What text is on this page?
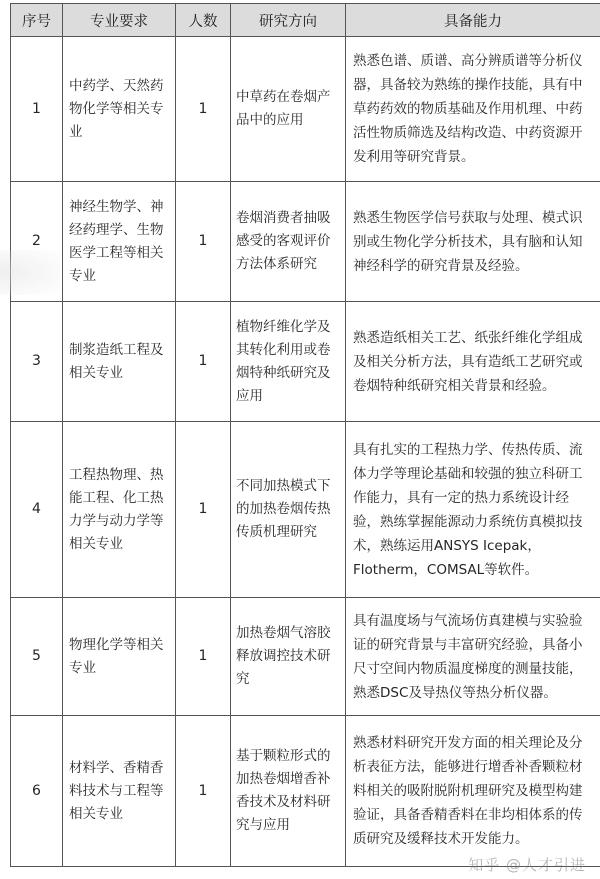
序号	专业要求	人数	研究方向	具备能力
1	中药学、天然药物化学等相关专业	1	中草药在卷烟产品中的应用	熟悉色谱、质谱、高分辨质谱等分析仪器，具备较为熟练的操作技能，具有中草药药效的物质基础及作用机理、中药活性物质筛选及结构改造、中药资源开发利用等研究背景。
2	神经生物学、神经药理学、生物医学工程等相关专业	1	卷烟消费者抽吸感受的客观评价方法体系研究	熟悉生物医学信号获取与处理、模式识别或生物化学分析技术，具有脑和认知神经科学的研究背景及经验。
3	制浆造纸工程及相关专业	1	植物纤维化学及其转化利用或卷烟特种纸研究及应用	熟悉造纸相关工艺、纸张纤维化学组成及相关分析方法，具有造纸工艺研究或卷烟特种纸研究相关背景和经验。
4	工程热物理、热能工程、化工热力学与动力学等相关专业	1	不同加热模式下的加热卷烟传热传质机理研究	具有扎实的工程热力学、传热传质、流体力学等理论基础和较强的独立科研工作能力，具有一定的热力系统设计经验，熟练掌握能源动力系统仿真模拟技术，熟练运用ANSYS Icepak，Flotherm，COMSAL等软件。
5	物理化学等相关专业	1	加热卷烟气溶胶释放调控技术研究	具有温度场与气流场仿真建模与实验验证的研究背景与丰富研究经验，具备小尺寸空间内物质温度梯度的测量技能，熟悉DSC及导热仪等热分析仪器。
6	材料学、香精香料技术与工程等相关专业	1	基于颗粒形式的加热卷烟增香补香技术及材料研究与应用	熟悉材料研究开发方面的相关理论及分析表征方法，能够进行增香补香颗粒材料相关的吸附脱附机理研究及模型构建验证，具备香精香料在非均相体系的传质研究及缓释技术开发能力。
知乎 @人才引进
